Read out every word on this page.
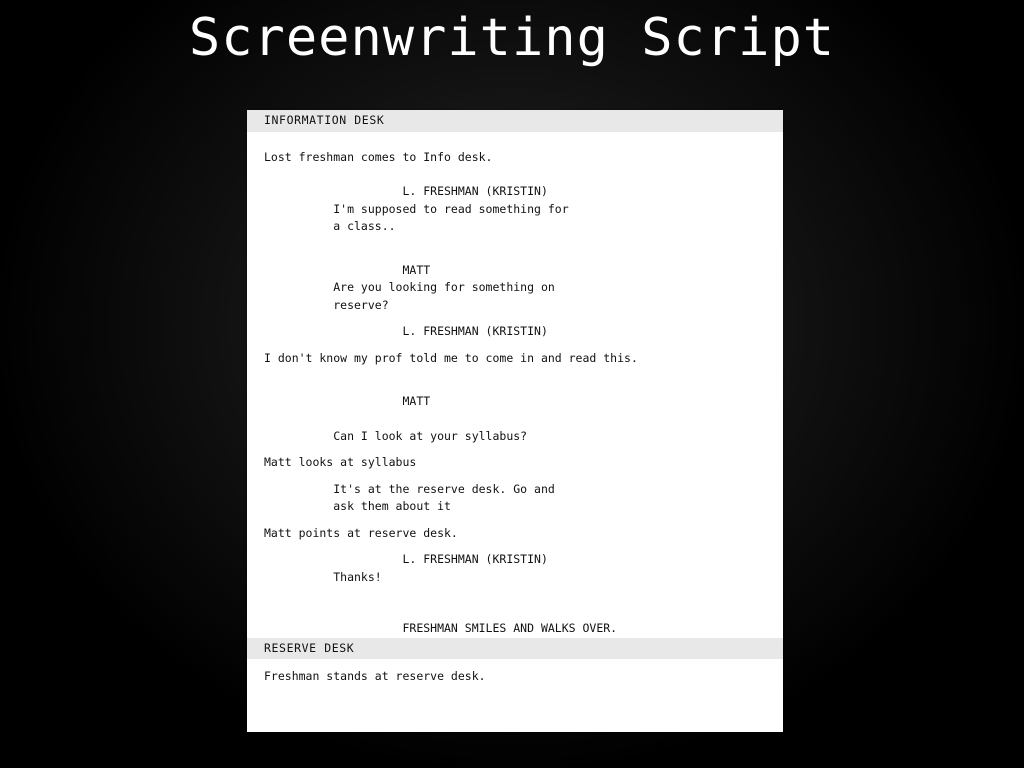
Screenwriting Script
INFORMATION DESK
Lost freshman comes to Info desk.
L. FRESHMAN (KRISTIN)
I'm supposed to read something for
a class..
MATT
Are you looking for something on
reserve?
L. FRESHMAN (KRISTIN)
I don't know my prof told me to come in and read this.
MATT
Can I look at your syllabus?
Matt looks at syllabus
It's at the reserve desk. Go and
ask them about it
Matt points at reserve desk.
L. FRESHMAN (KRISTIN)
Thanks!
FRESHMAN SMILES AND WALKS OVER.
RESERVE DESK
Freshman stands at reserve desk.
